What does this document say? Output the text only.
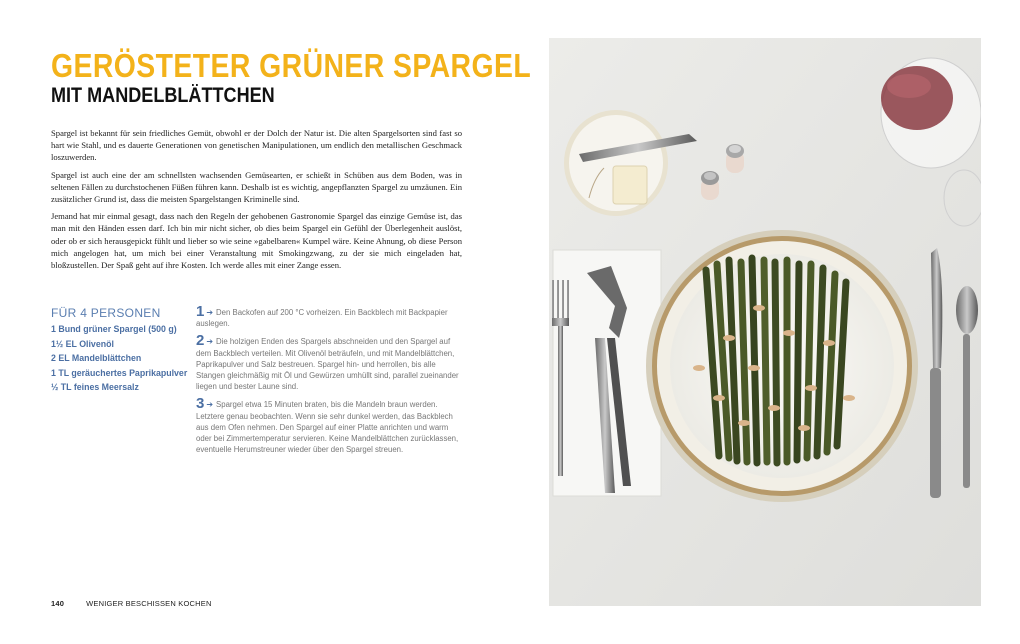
GERÖSTETER GRÜNER SPARGEL
MIT MANDELBLÄTTCHEN

Spargel ist bekannt für sein friedliches Gemüt, obwohl er der Dolch der Natur ist. Die alten Spargelsorten sind fast so hart wie Stahl, und es dauerte Generationen von genetischen Manipulationen, um endlich den metallischen Geschmack loszuwerden.

Spargel ist auch eine der am schnellsten wachsenden Gemüsearten, er schießt in Schüben aus dem Boden, was in seltenen Fällen zu durchstochenen Füßen führen kann. Deshalb ist es wichtig, angepflanzten Spargel zu umzäunen. Ein zusätzlicher Grund ist, dass die meisten Spargelstangen Kriminelle sind.

Jemand hat mir einmal gesagt, dass nach den Regeln der gehobenen Gastronomie Spargel das einzige Gemüse ist, das man mit den Händen essen darf. Ich bin mir nicht sicher, ob dies beim Spargel ein Gefühl der Überlegenheit auslöst, oder ob er sich herausgepickt fühlt und lieber so wie seine »gabelbaren« Kumpel wäre. Keine Ahnung, ob diese Person mich angelogen hat, um mich bei einer Veranstaltung mit Smokingzwang, zu der sie mich eingeladen hat, bloßzustellen. Der Spaß geht auf ihre Kosten. Ich werde alles mit einer Zange essen.

FÜR 4 PERSONEN
1 Bund grüner Spargel (500 g)
1½ EL Olivenöl
2 EL Mandelblättchen
1 TL geräuchertes Paprikapulver
½ TL feines Meersalz

1 ➔ Den Backofen auf 200 °C vorheizen. Ein Backblech mit Backpapier auslegen.

2 ➔ Die holzigen Enden des Spargels abschneiden und den Spargel auf dem Backblech verteilen. Mit Olivenöl beträufeln, und mit Mandelblättchen, Paprikapulver und Salz bestreuen. Spargel hin- und herrollen, bis alle Stangen gleichmäßig mit Öl und Gewürzen umhüllt sind, parallel zueinander liegen und bester Laune sind.

3 ➔ Spargel etwa 15 Minuten braten, bis die Mandeln braun werden. Letztere genau beobachten. Wenn sie sehr dunkel werden, das Backblech aus dem Ofen nehmen. Den Spargel auf einer Platte anrichten und warm oder bei Zimmertemperatur servieren. Keine Mandelblättchen zurücklassen, eventuelle Herumstreuner wieder über den Spargel streuen.

140	WENIGER BESCHISSEN KOCHEN
